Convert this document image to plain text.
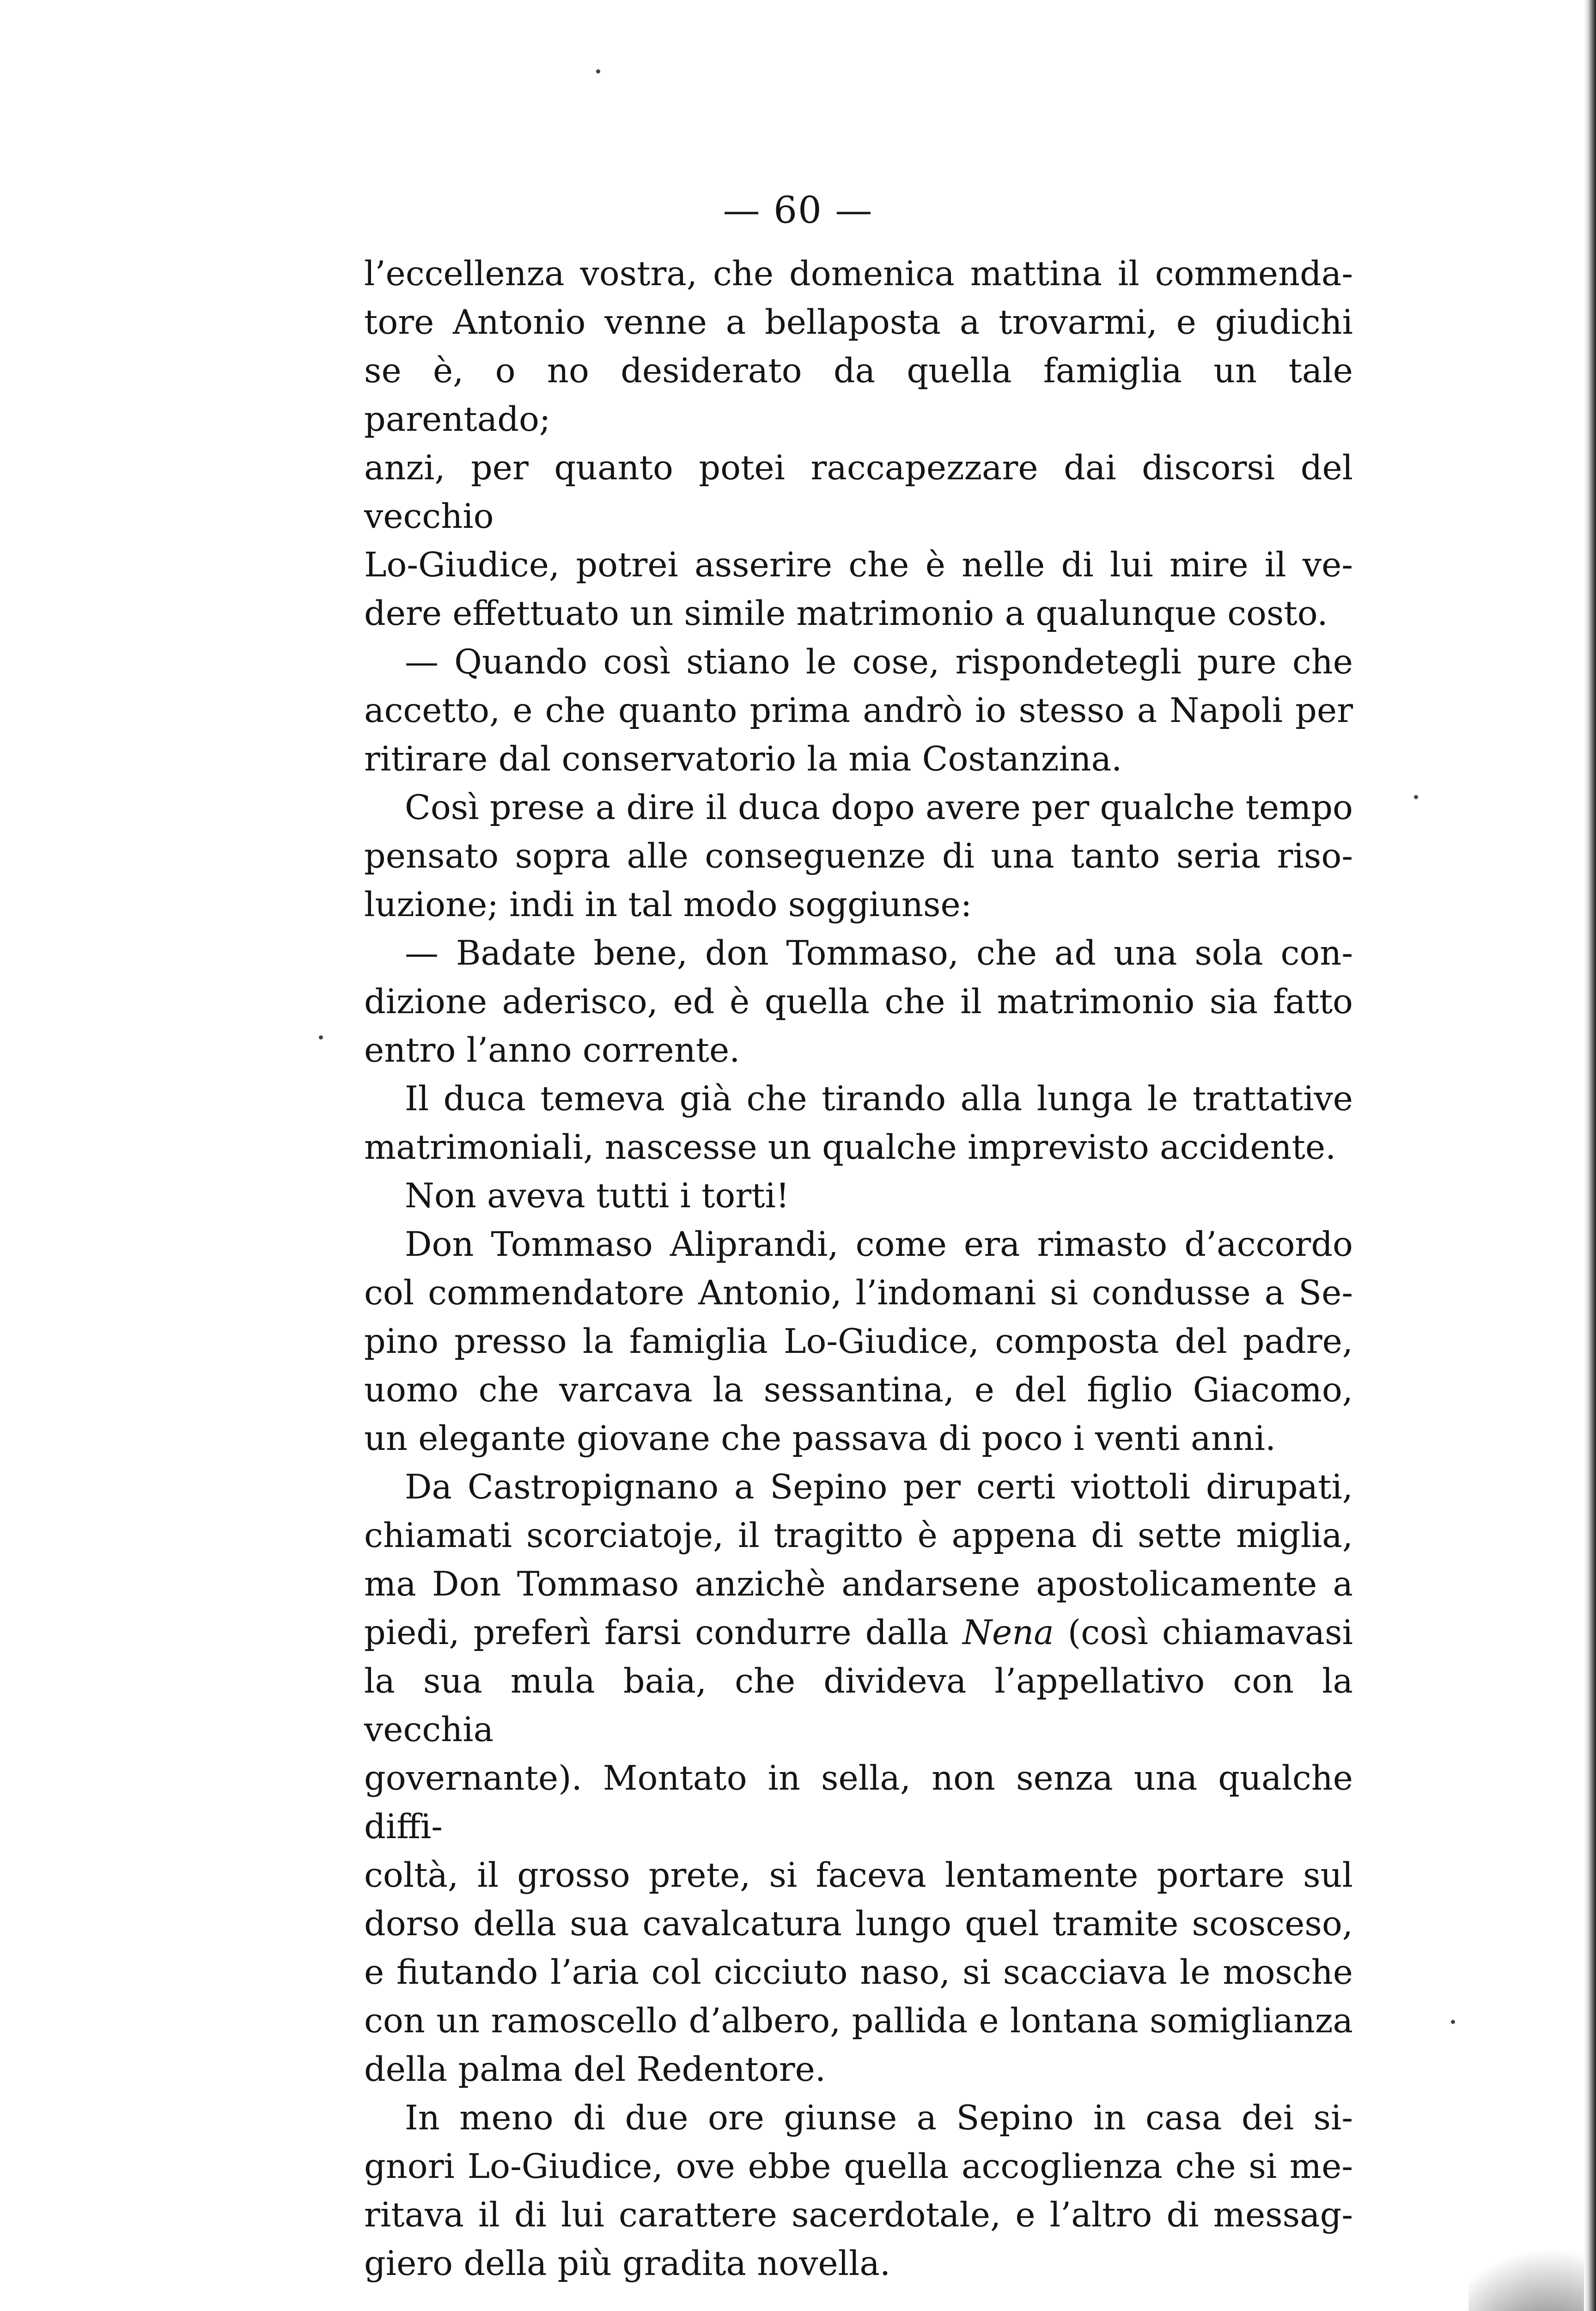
— 60 —

l’eccellenza vostra, che domenica mattina il commenda-

tore Antonio venne a bellaposta a trovarmi, e giudichi

se è, o no desiderato da quella famiglia un tale parentado;

anzi, per quanto potei raccapezzare dai discorsi del vecchio

Lo-Giudice, potrei asserire che è nelle di lui mire il ve-

dere effettuato un simile matrimonio a qualunque costo.

— Quando così stiano le cose, rispondetegli pure che

accetto, e che quanto prima andrò io stesso a Napoli per

ritirare dal conservatorio la mia Costanzina.

Così prese a dire il duca dopo avere per qualche tempo

pensato sopra alle conseguenze di una tanto seria riso-

luzione; indi in tal modo soggiunse:

— Badate bene, don Tommaso, che ad una sola con-

dizione aderisco, ed è quella che il matrimonio sia fatto

entro l’anno corrente.

Il duca temeva già che tirando alla lunga le trattative

matrimoniali, nascesse un qualche imprevisto accidente.

Non aveva tutti i torti!

Don Tommaso Aliprandi, come era rimasto d’accordo

col commendatore Antonio, l’indomani si condusse a Se-

pino presso la famiglia Lo-Giudice, composta del padre,

uomo che varcava la sessantina, e del figlio Giacomo,

un elegante giovane che passava di poco i venti anni.

Da Castropignano a Sepino per certi viottoli dirupati,

chiamati scorciatoje, il tragitto è appena di sette miglia,

ma Don Tommaso anzichè andarsene apostolicamente a

piedi, preferì farsi condurre dalla Nena (così chiamavasi

la sua mula baia, che divideva l’appellativo con la vecchia

governante). Montato in sella, non senza una qualche diffi-

coltà, il grosso prete, si faceva lentamente portare sul

dorso della sua cavalcatura lungo quel tramite scosceso,

e fiutando l’aria col cicciuto naso, si scacciava le mosche

con un ramoscello d’albero, pallida e lontana somiglianza

della palma del Redentore.

In meno di due ore giunse a Sepino in casa dei si-

gnori Lo-Giudice, ove ebbe quella accoglienza che si me-

ritava il di lui carattere sacerdotale, e l’altro di messag-

giero della più gradita novella.
